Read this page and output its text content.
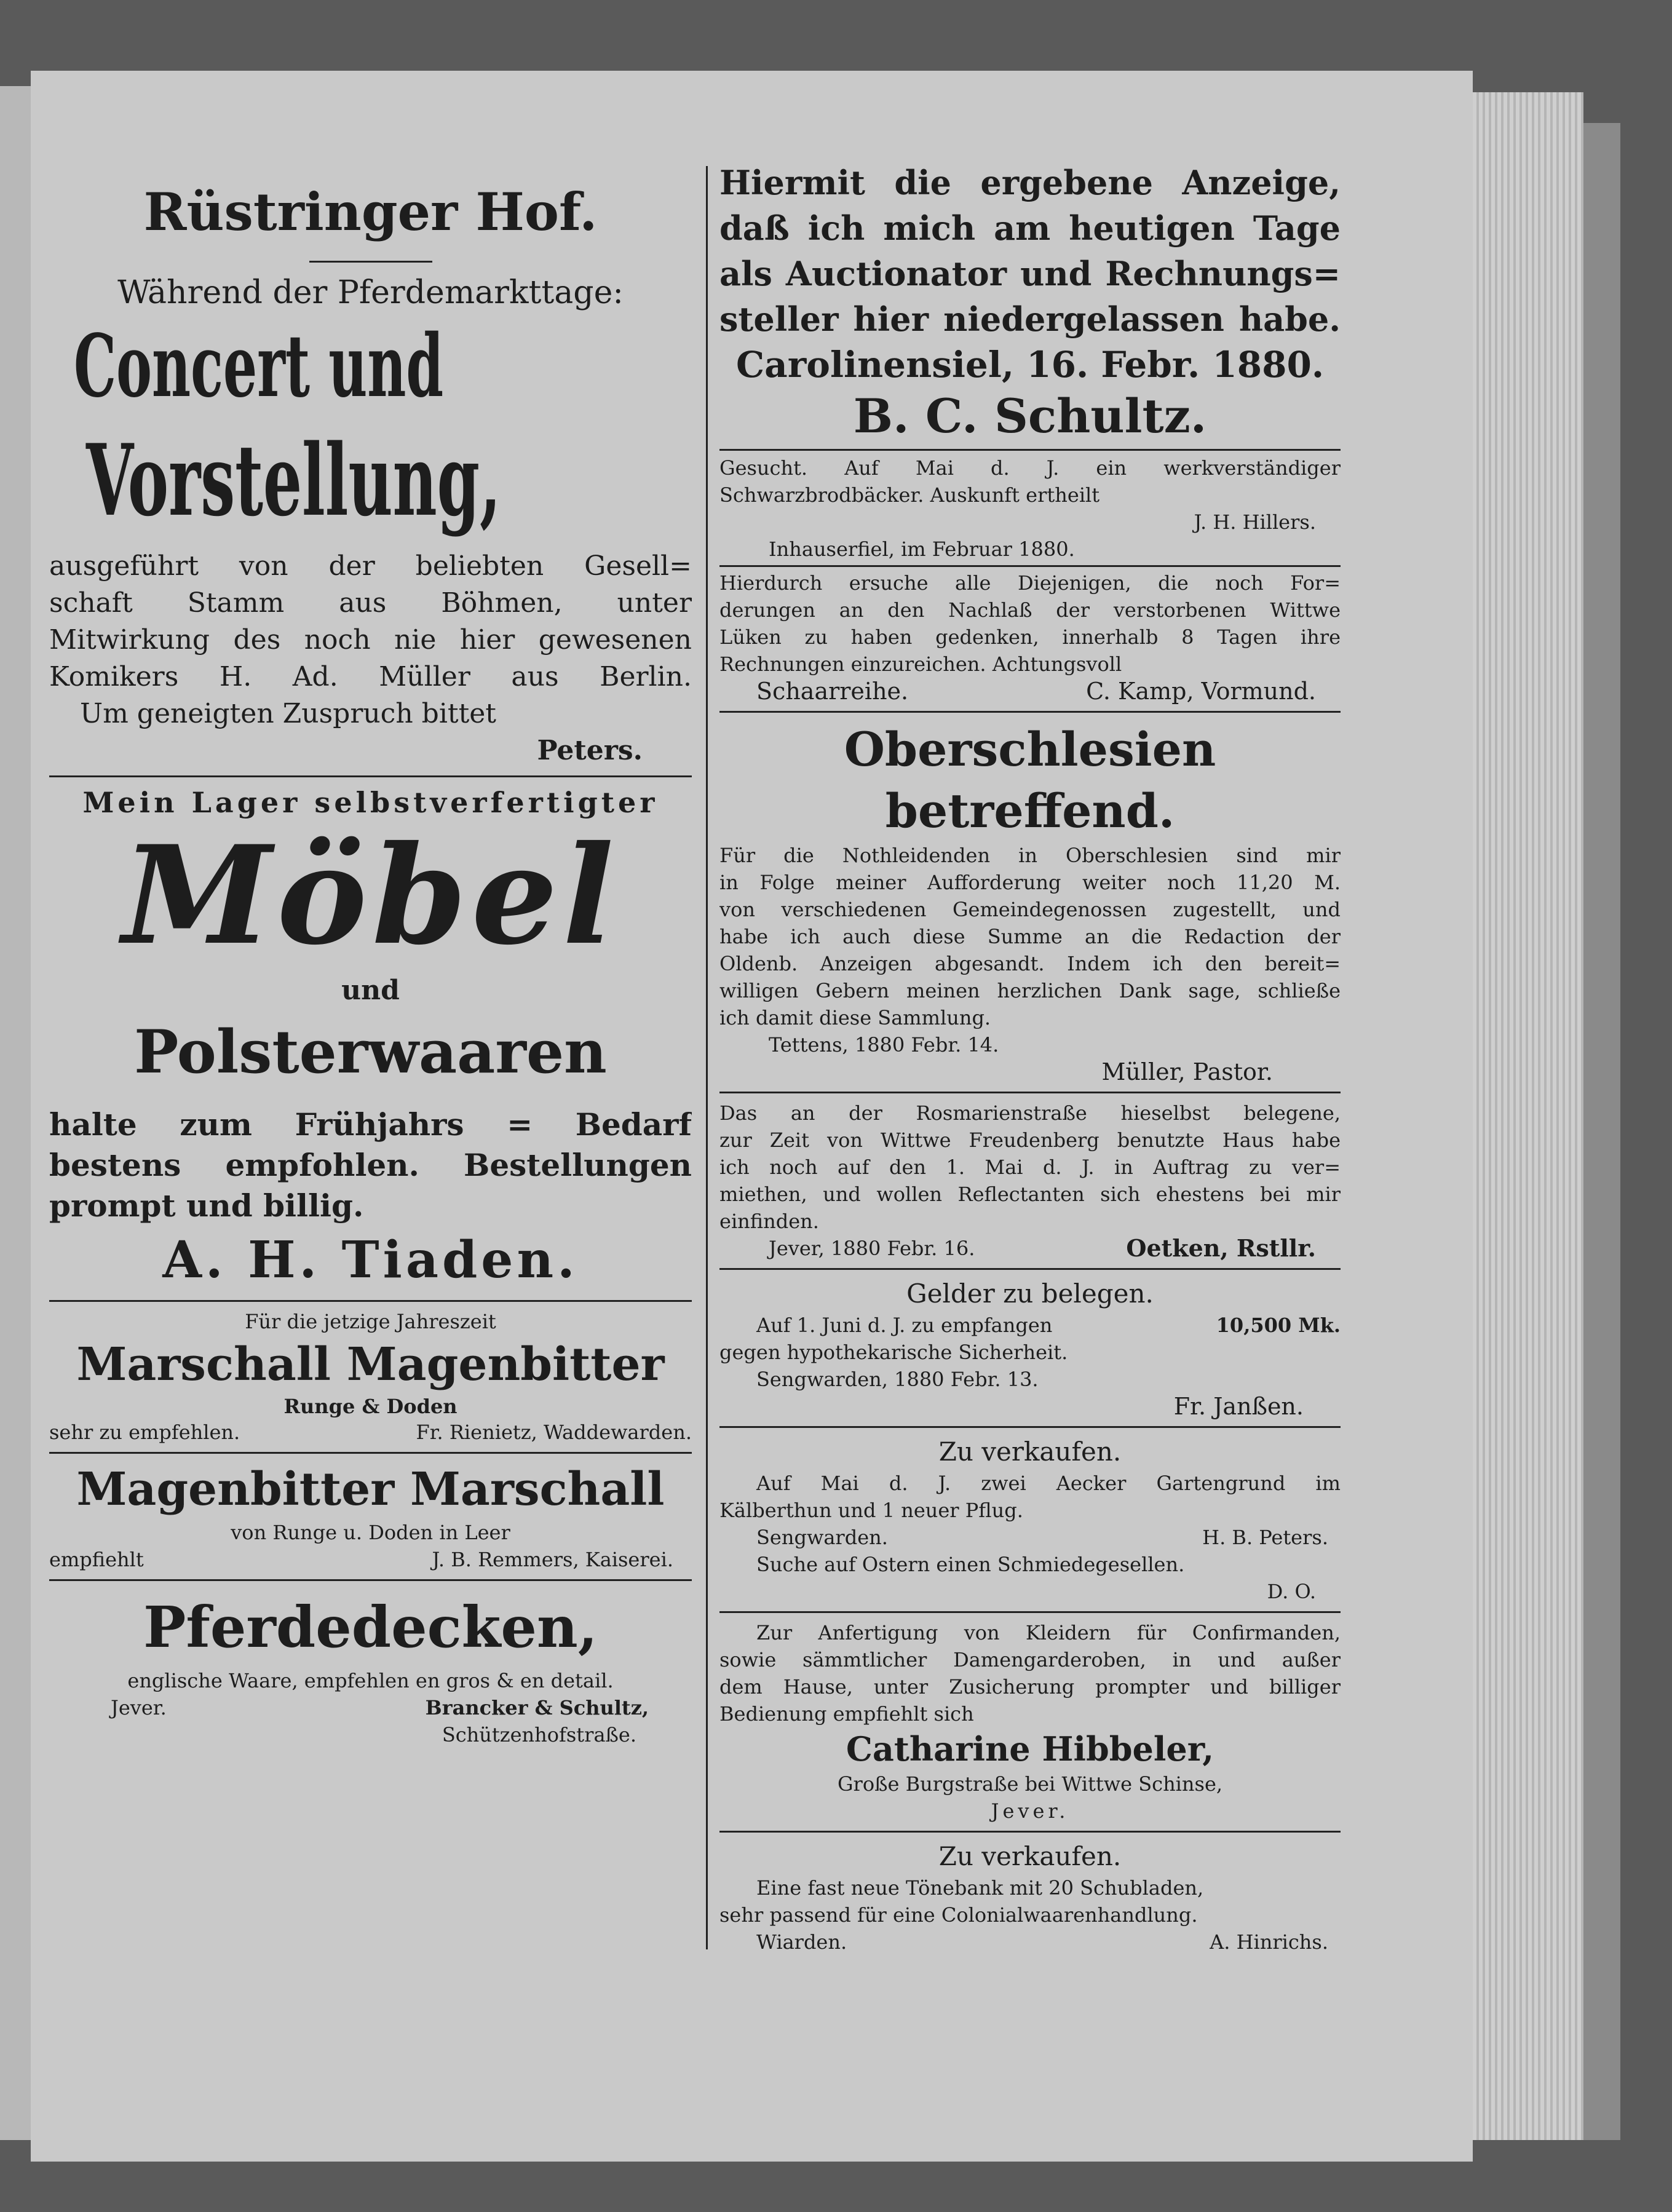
Rüstringer Hof.
Während der Pferdemarkttage:
Concert und
Vorstellung,
ausgeführt von der beliebten Gesell=
schaft Stamm aus Böhmen, unter
Mitwirkung des noch nie hier gewesenen
Komikers H. Ad. Müller aus Berlin.
Um geneigten Zuspruch bittet
Peters.
Mein Lager selbstverfertigter
Möbel
und
Polsterwaaren
halte zum Frühjahrs = Bedarf
bestens empfohlen. Bestellungen
prompt und billig.
A. H. Tiaden.
Für die jetzige Jahreszeit
Marschall Magenbitter
Runge & Doden
sehr zu empfehlen.	Fr. Rienietz, Waddewarden.
Magenbitter Marschall
von Runge u. Doden in Leer
empfiehlt	J. B. Remmers, Kaiserei.
Pferdedecken,
englische Waare, empfehlen en gros & en detail.
Jever.	Brancker & Schultz,
Schützenhofstraße.
Hiermit die ergebene Anzeige,
daß ich mich am heutigen Tage
als Auctionator und Rechnungs=
steller hier niedergelassen habe.
Carolinensiel, 16. Febr. 1880.
B. C. Schultz.
Gesucht. Auf Mai d. J. ein werkverständiger
Schwarzbrodbäcker. Auskunft ertheilt
J. H. Hillers.
Inhauserfiel, im Februar 1880.
Hierdurch ersuche alle Diejenigen, die noch For=
derungen an den Nachlaß der verstorbenen Wittwe
Lüken zu haben gedenken, innerhalb 8 Tagen ihre
Rechnungen einzureichen. Achtungsvoll
Schaarreihe.	C. Kamp, Vormund.
Oberschlesien betreffend.
Für die Nothleidenden in Oberschlesien sind mir
in Folge meiner Aufforderung weiter noch 11,20 M.
von verschiedenen Gemeindegenossen zugestellt, und
habe ich auch diese Summe an die Redaction der
Oldenb. Anzeigen abgesandt. Indem ich den bereit=
willigen Gebern meinen herzlichen Dank sage, schließe
ich damit diese Sammlung.
Tettens, 1880 Febr. 14.
Müller, Pastor.
Das an der Rosmarienstraße hieselbst belegene,
zur Zeit von Wittwe Freudenberg benutzte Haus habe
ich noch auf den 1. Mai d. J. in Auftrag zu ver=
miethen, und wollen Reflectanten sich ehestens bei mir
einfinden.
Jever, 1880 Febr. 16.	Oetken, Rstllr.
Gelder zu belegen.
Auf 1. Juni d. J. zu empfangen	10,500 Mk.
gegen hypothekarische Sicherheit.
Sengwarden, 1880 Febr. 13.
Fr. Janßen.
Zu verkaufen.
Auf Mai d. J. zwei Aecker Gartengrund im
Kälberthun und 1 neuer Pflug.
Sengwarden.	H. B. Peters.
Suche auf Ostern einen Schmiedegesellen.
D. O.
Zur Anfertigung von Kleidern für Confirmanden,
sowie sämmtlicher Damengarderoben, in und außer
dem Hause, unter Zusicherung prompter und billiger
Bedienung empfiehlt sich
Catharine Hibbeler,
Große Burgstraße bei Wittwe Schinse,
Jever.
Zu verkaufen.
Eine fast neue Tönebank mit 20 Schubladen,
sehr passend für eine Colonialwaarenhandlung.
Wiarden.	A. Hinrichs.
